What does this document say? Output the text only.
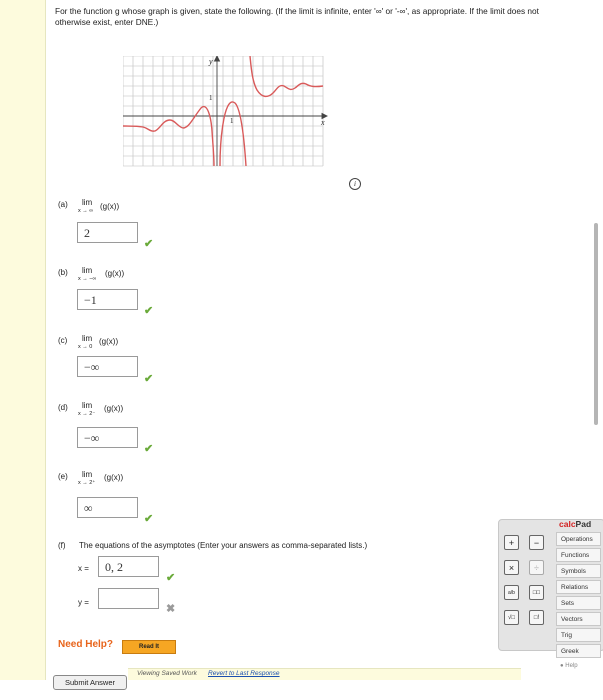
For the function g whose graph is given, state the following. (If the limit is infinite, enter '∞' or '-∞', as appropriate. If the limit does not otherwise exist, enter DNE.)
y
x
1
1
i
(a) lim
x → ∞ (g(x))
2
✔
(b) lim
x → −∞
(g(x))
−1
✔
(c) lim
x → 0
(g(x))
−∞
✔
(d) lim
x → 2⁻
(g(x))
−∞
✔
(e) lim
x → 2⁺
(g(x))
∞
✔
(f) The equations of the asymptotes (Enter your answers as comma-separated lists.)
x =	0, 2
✔
y =
✖
Need Help?	Read It
Viewing Saved Work Revert to Last Response
Submit Answer
calcPad
+	−
×	÷
a/b	□□
√□	□!
Operations
Functions
Symbols
Relations
Sets
Vectors
Trig
Greek
● Help
